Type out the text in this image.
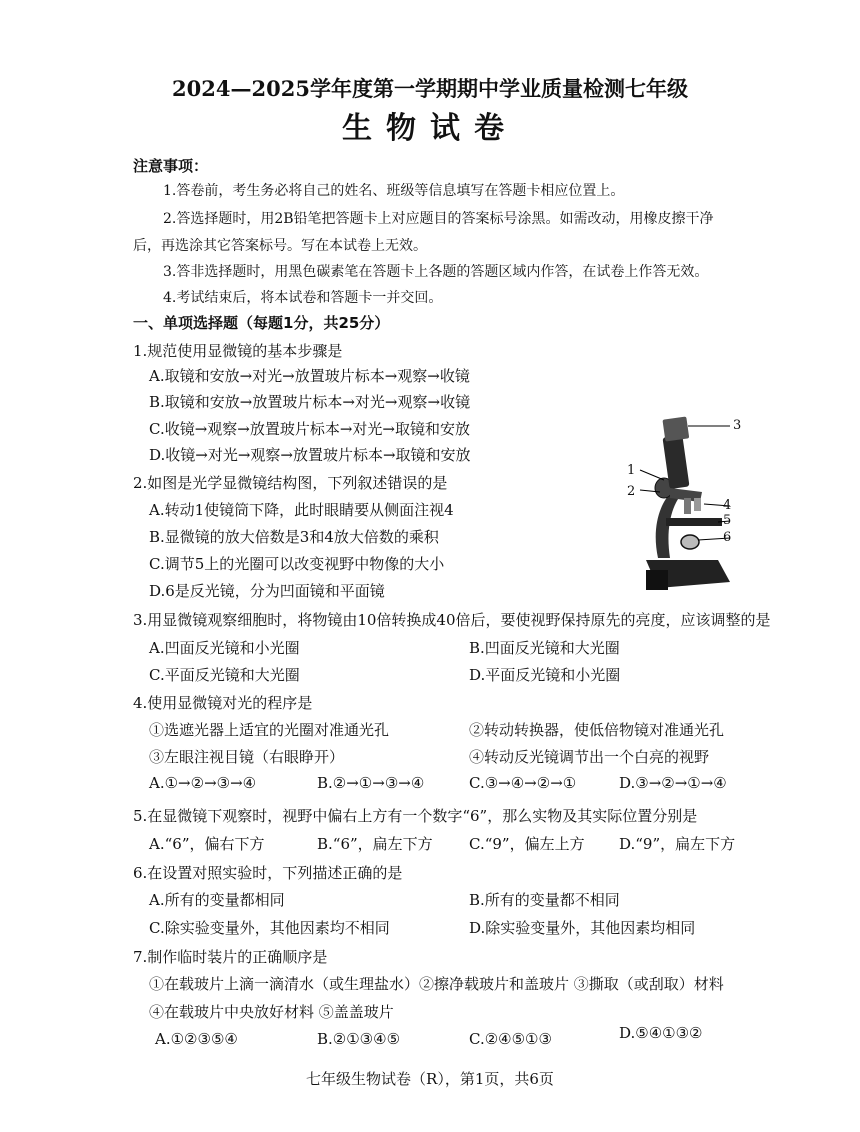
2024—2025学年度第一学期期中学业质量检测七年级
生物试卷
注意事项：
1.答卷前，考生务必将自己的姓名、班级等信息填写在答题卡相应位置上。
2.答选择题时，用2B铅笔把答题卡上对应题目的答案标号涂黑。如需改动，用橡皮擦干净
后，再选涂其它答案标号。写在本试卷上无效。
3.答非选择题时，用黑色碳素笔在答题卡上各题的答题区域内作答，在试卷上作答无效。
4.考试结束后，将本试卷和答题卡一并交回。
一、单项选择题（每题1分，共25分）
1.规范使用显微镜的基本步骤是
A.取镜和安放→对光→放置玻片标本→观察→收镜
B.取镜和安放→放置玻片标本→对光→观察→收镜
C.收镜→观察→放置玻片标本→对光→取镜和安放
D.收镜→对光→观察→放置玻片标本→取镜和安放
2.如图是光学显微镜结构图，下列叙述错误的是
A.转动1使镜筒下降，此时眼睛要从侧面注视4
B.显微镜的放大倍数是3和4放大倍数的乘积
C.调节5上的光圈可以改变视野中物像的大小
D.6是反光镜，分为凹面镜和平面镜
1
2
3
4
5
6
3.用显微镜观察细胞时，将物镜由10倍转换成40倍后，要使视野保持原先的亮度，应该调整的是
A.凹面反光镜和小光圈	B.凹面反光镜和大光圈
C.平面反光镜和大光圈	D.平面反光镜和小光圈
4.使用显微镜对光的程序是
①选遮光器上适宜的光圈对准通光孔	②转动转换器，使低倍物镜对准通光孔
③左眼注视目镜（右眼睁开）	④转动反光镜调节出一个白亮的视野
A.①→②→③→④	B.②→①→③→④	C.③→④→②→①	D.③→②→①→④
5.在显微镜下观察时，视野中偏右上方有一个数字“6”，那么实物及其实际位置分别是
A.“6”，偏右下方	B.“6”，扁左下方 C.“9”，偏左上方 D.“9”，扁左下方
6.在设置对照实验时，下列描述正确的是
A.所有的变量都相同	B.所有的变量都不相同
C.除实验变量外，其他因素均不相同	D.除实验变量外，其他因素均相同
7.制作临时装片的正确顺序是
①在载玻片上滴一滴清水（或生理盐水）②擦净载玻片和盖玻片 ③撕取（或刮取）材料
④在载玻片中央放好材料 ⑤盖盖玻片
A.①②③⑤④	B.②①③④⑤	C.②④⑤①③	D.⑤④①③②
七年级生物试卷（R），第1页，共6页
